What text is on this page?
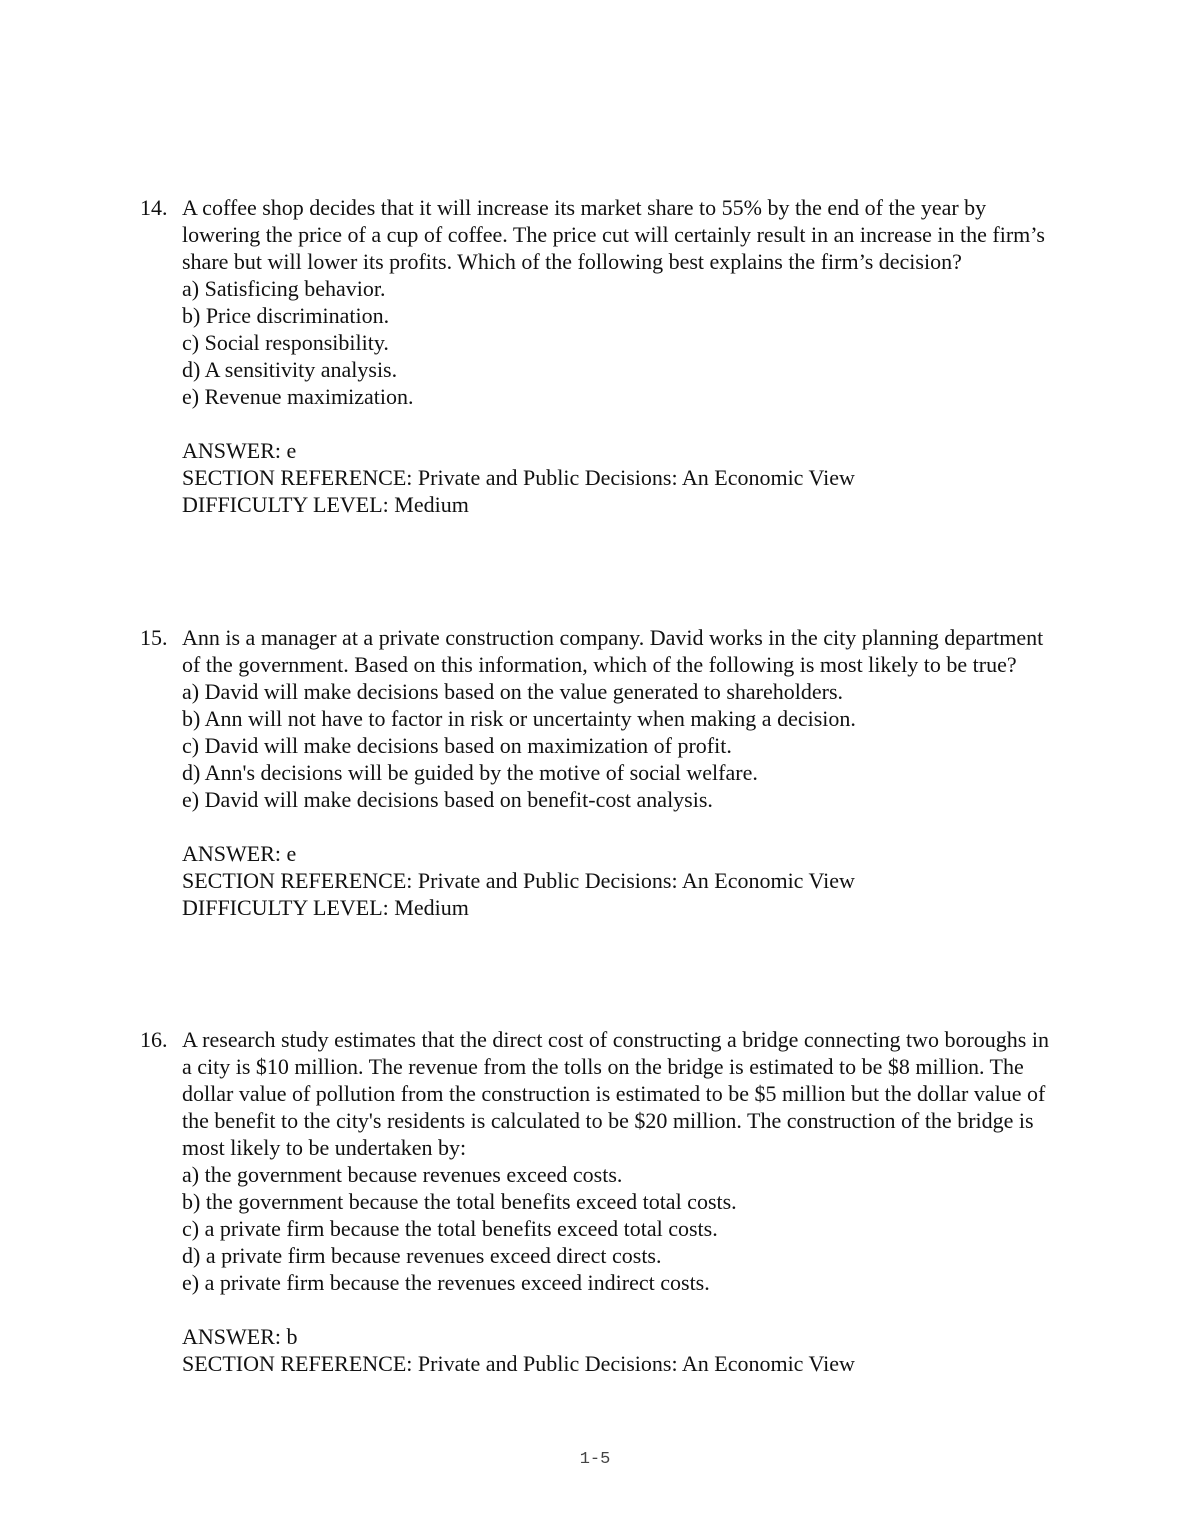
14. A coffee shop decides that it will increase its market share to 55% by the end of the year by lowering the price of a cup of coffee. The price cut will certainly result in an increase in the firm’s share but will lower its profits. Which of the following best explains the firm’s decision?

a) Satisficing behavior.
b) Price discrimination.
c) Social responsibility.
d) A sensitivity analysis.
e) Revenue maximization.
ANSWER: e
SECTION REFERENCE: Private and Public Decisions: An Economic View
DIFFICULTY LEVEL: Medium
15. Ann is a manager at a private construction company. David works in the city planning department of the government. Based on this information, which of the following is most likely to be true?

a) David will make decisions based on the value generated to shareholders.
b) Ann will not have to factor in risk or uncertainty when making a decision.
c) David will make decisions based on maximization of profit.
d) Ann's decisions will be guided by the motive of social welfare.
e) David will make decisions based on benefit-cost analysis.
ANSWER: e
SECTION REFERENCE: Private and Public Decisions: An Economic View
DIFFICULTY LEVEL: Medium
16. A research study estimates that the direct cost of constructing a bridge connecting two boroughs in a city is $10 million. The revenue from the tolls on the bridge is estimated to be $8 million. The dollar value of pollution from the construction is estimated to be $5 million but the dollar value of the benefit to the city's residents is calculated to be $20 million. The construction of the bridge is most likely to be undertaken by:

a) the government because revenues exceed costs.
b) the government because the total benefits exceed total costs.
c) a private firm because the total benefits exceed total costs.
d) a private firm because revenues exceed direct costs.
e) a private firm because the revenues exceed indirect costs.
ANSWER: b
SECTION REFERENCE: Private and Public Decisions: An Economic View
1-5
